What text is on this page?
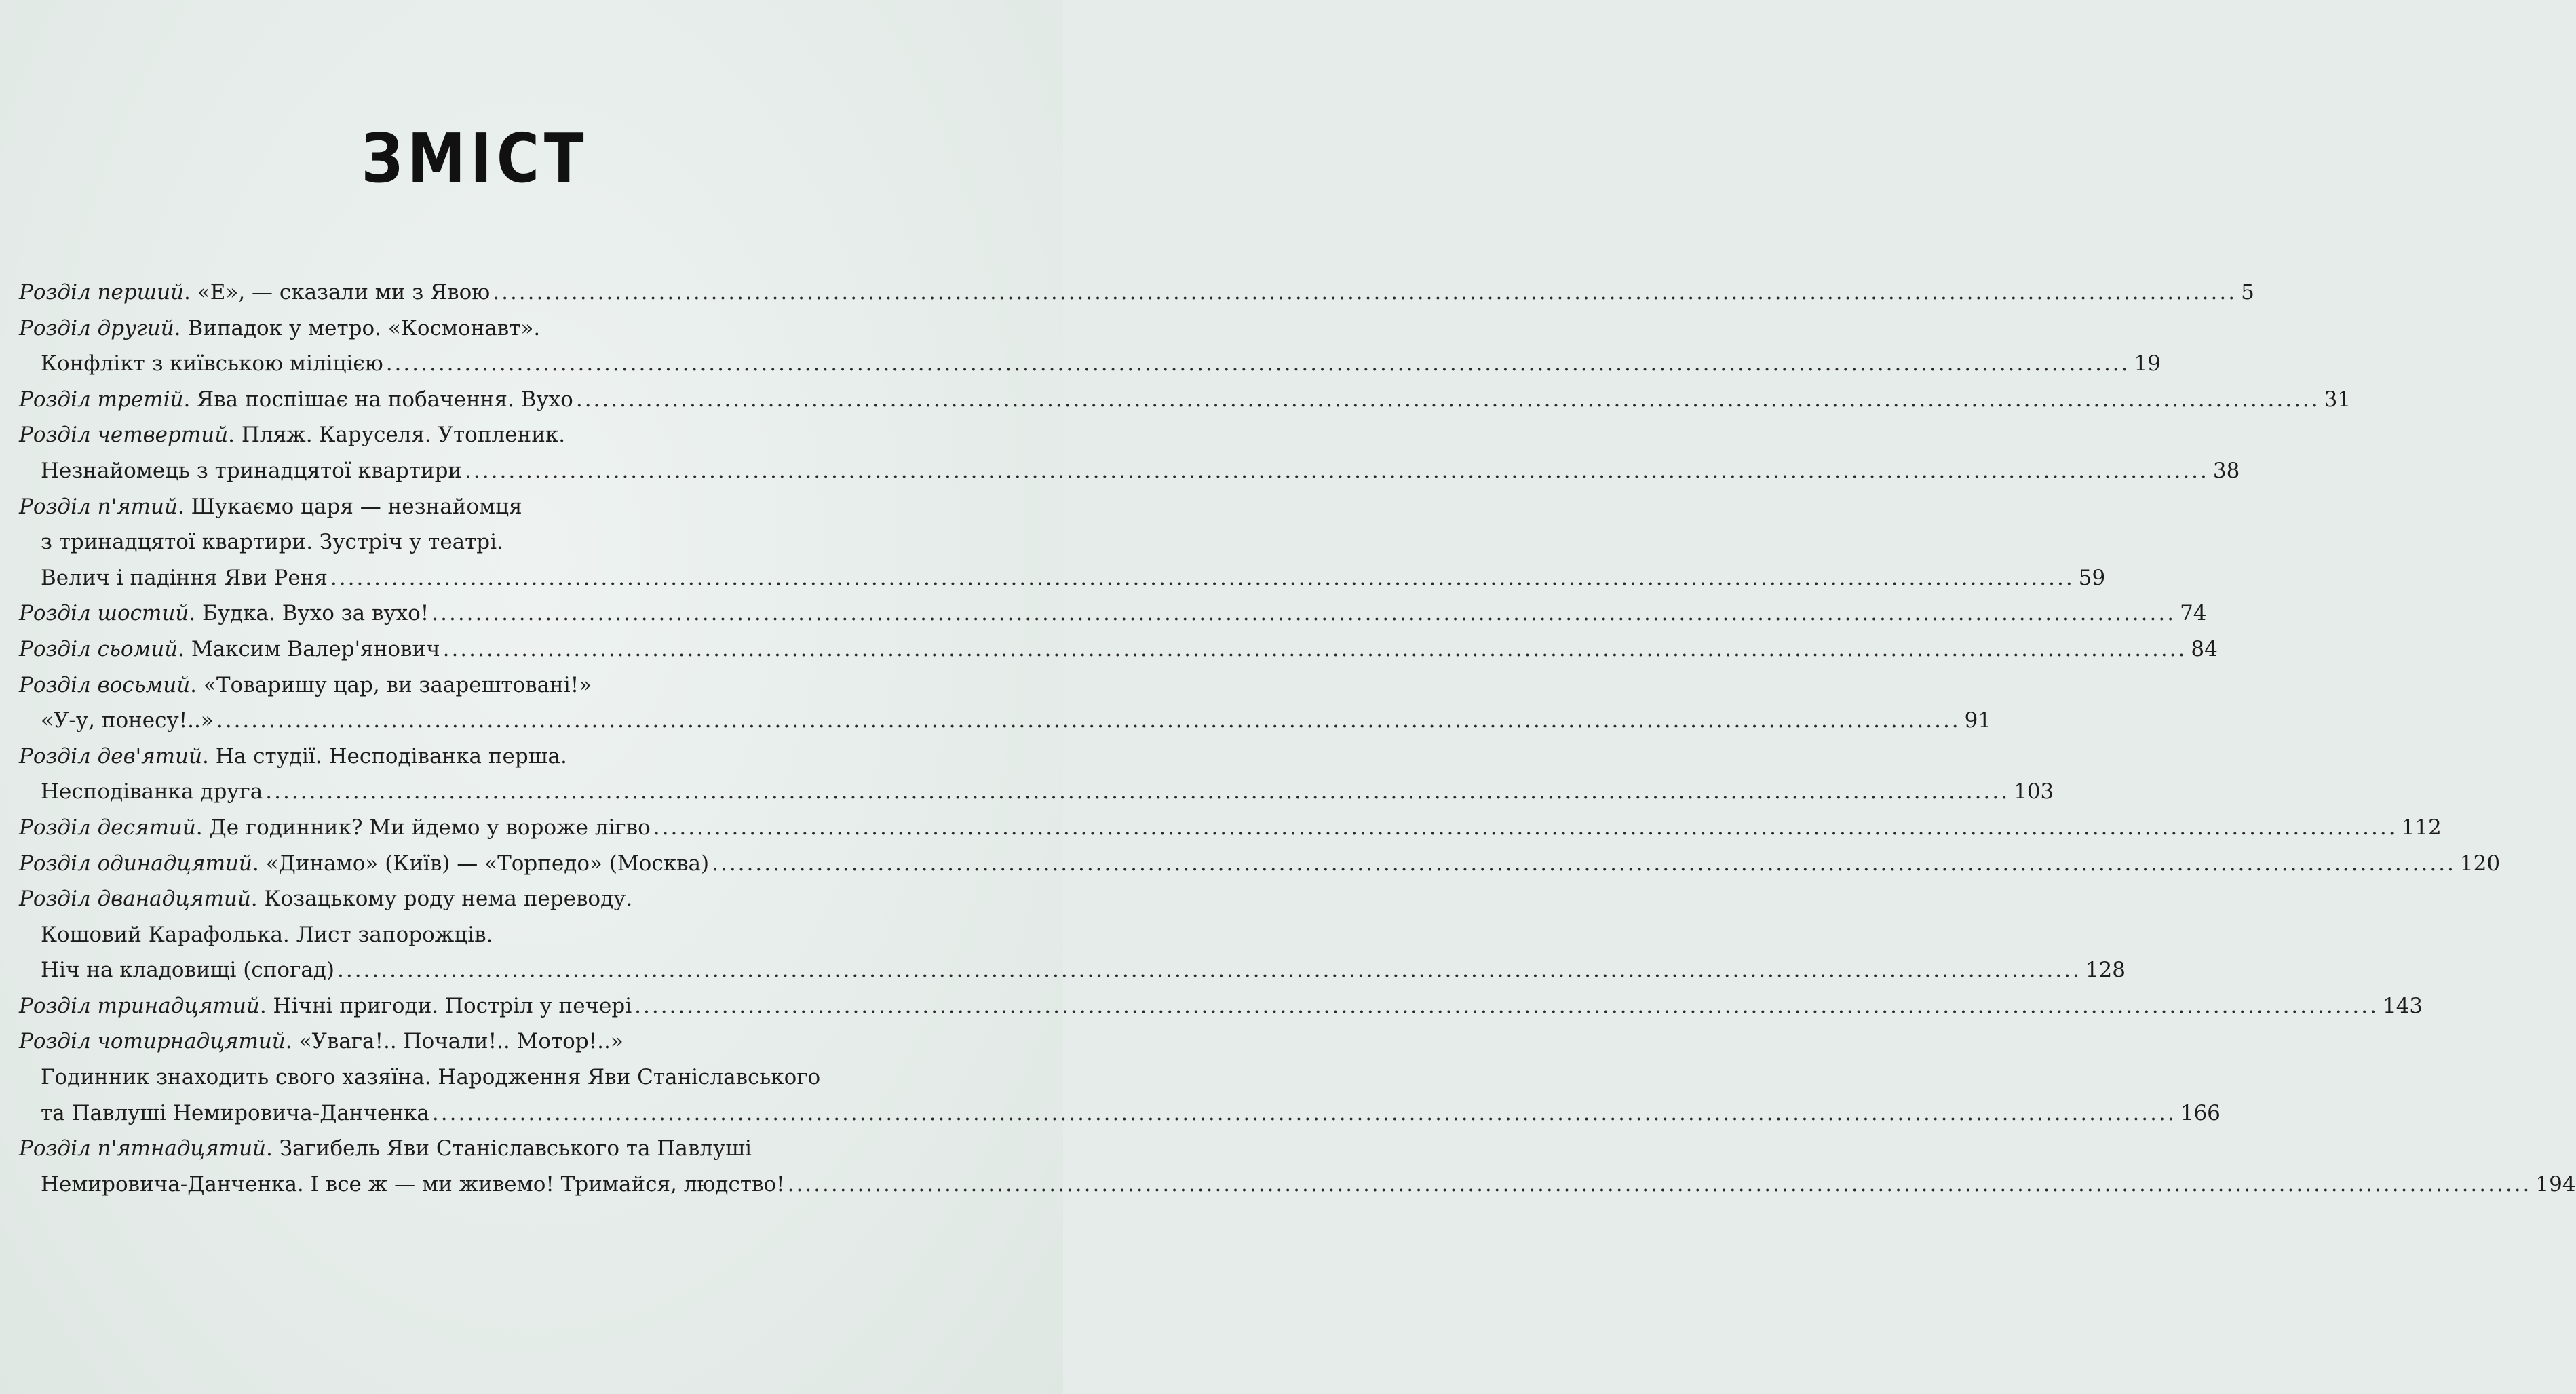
ЗМІСТ
Розділ перший. «Е», — сказали ми з Явою ........................................................................................................................................................................................................ 5
Розділ другий. Випадок у метро. «Космонавт».
Конфлікт з київською міліцією ........................................................................................................................................................................................................ 19
Розділ третій. Ява поспішає на побачення. Вухо ........................................................................................................................................................................................................ 31
Розділ четвертий. Пляж. Каруселя. Утопленик.
Незнайомець з тринадцятої квартири ........................................................................................................................................................................................................ 38
Розділ п'ятий. Шукаємо царя — незнайомця
з тринадцятої квартири. Зустріч у театрі.
Велич і падіння Яви Реня ........................................................................................................................................................................................................ 59
Розділ шостий. Будка. Вухо за вухо! ........................................................................................................................................................................................................ 74
Розділ сьомий. Максим Валер'янович ........................................................................................................................................................................................................ 84
Розділ восьмий. «Товаришу цар, ви заарештовані!»
«У-у, понесу!..» ........................................................................................................................................................................................................ 91
Розділ дев'ятий. На студії. Несподіванка перша.
Несподіванка друга ........................................................................................................................................................................................................ 103
Розділ десятий. Де годинник? Ми йдемо у вороже лігво ........................................................................................................................................................................................................ 112
Розділ одинадцятий. «Динамо» (Київ) — «Торпедо» (Москва) ........................................................................................................................................................................................................ 120
Розділ дванадцятий. Козацькому роду нема переводу.
Кошовий Карафолька. Лист запорожців.
Ніч на кладовищі (спогад) ........................................................................................................................................................................................................ 128
Розділ тринадцятий. Нічні пригоди. Постріл у печері ........................................................................................................................................................................................................ 143
Розділ чотирнадцятий. «Увага!.. Почали!.. Мотор!..»
Годинник знаходить свого хазяїна. Народження Яви Станіславського
та Павлуші Немировича-Данченка ........................................................................................................................................................................................................ 166
Розділ п'ятнадцятий. Загибель Яви Станіславського та Павлуші
Немировича-Данченка. І все ж — ми живемо! Тримайся, людство! ........................................................................................................................................................................................................ 194
